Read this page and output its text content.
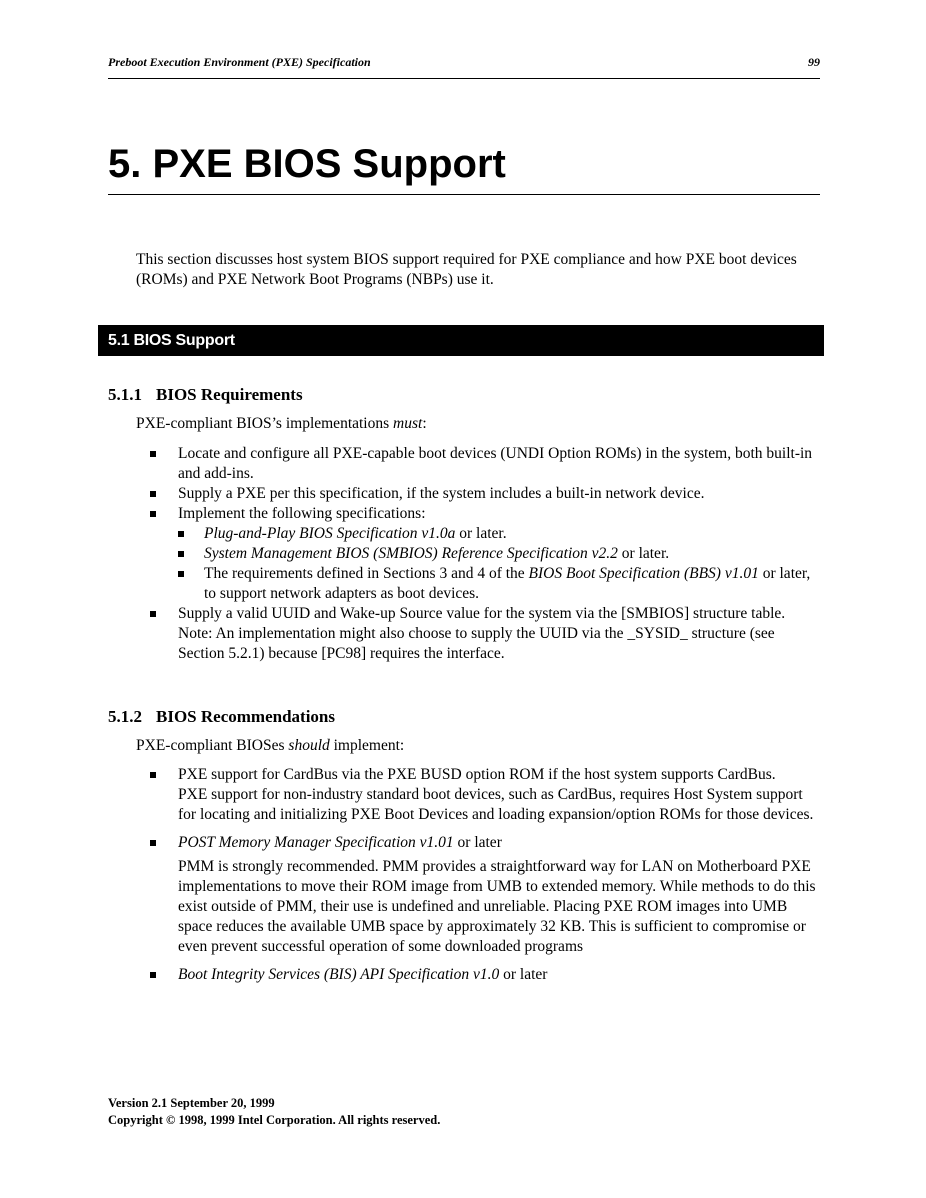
Preboot Execution Environment (PXE) Specification	99
5. PXE BIOS Support

This section discusses host system BIOS support required for PXE compliance and how PXE boot devices (ROMs) and PXE Network Boot Programs (NBPs) use it.

5.1 BIOS Support
5.1.1 BIOS Requirements

PXE-compliant BIOS’s implementations must:

Locate and configure all PXE-capable boot devices (UNDI Option ROMs) in the system, both built-in and add-ins.
Supply a PXE per this specification, if the system includes a built-in network device.
Implement the following specifications:
Plug-and-Play BIOS Specification v1.0a or later.
System Management BIOS (SMBIOS) Reference Specification v2.2 or later.
The requirements defined in Sections 3 and 4 of the BIOS Boot Specification (BBS) v1.01 or later, to support network adapters as boot devices.
Supply a valid UUID and Wake-up Source value for the system via the [SMBIOS] structure table.
Note: An implementation might also choose to supply the UUID via the _SYSID_ structure (see Section 5.2.1) because [PC98] requires the interface.
5.1.2 BIOS Recommendations

PXE-compliant BIOSes should implement:

PXE support for CardBus via the PXE BUSD option ROM if the host system supports CardBus.

PXE support for non-industry standard boot devices, such as CardBus, requires Host System support for locating and initializing PXE Boot Devices and loading expansion/option ROMs for those devices.

POST Memory Manager Specification v1.01 or later

PMM is strongly recommended. PMM provides a straightforward way for LAN on Motherboard PXE implementations to move their ROM image from UMB to extended memory. While methods to do this exist outside of PMM, their use is undefined and unreliable. Placing PXE ROM images into UMB space reduces the available UMB space by approximately 32 KB. This is sufficient to compromise or even prevent successful operation of some downloaded programs

Boot Integrity Services (BIS) API Specification v1.0 or later

Version 2.1 September 20, 1999
Copyright © 1998, 1999 Intel Corporation. All rights reserved.
